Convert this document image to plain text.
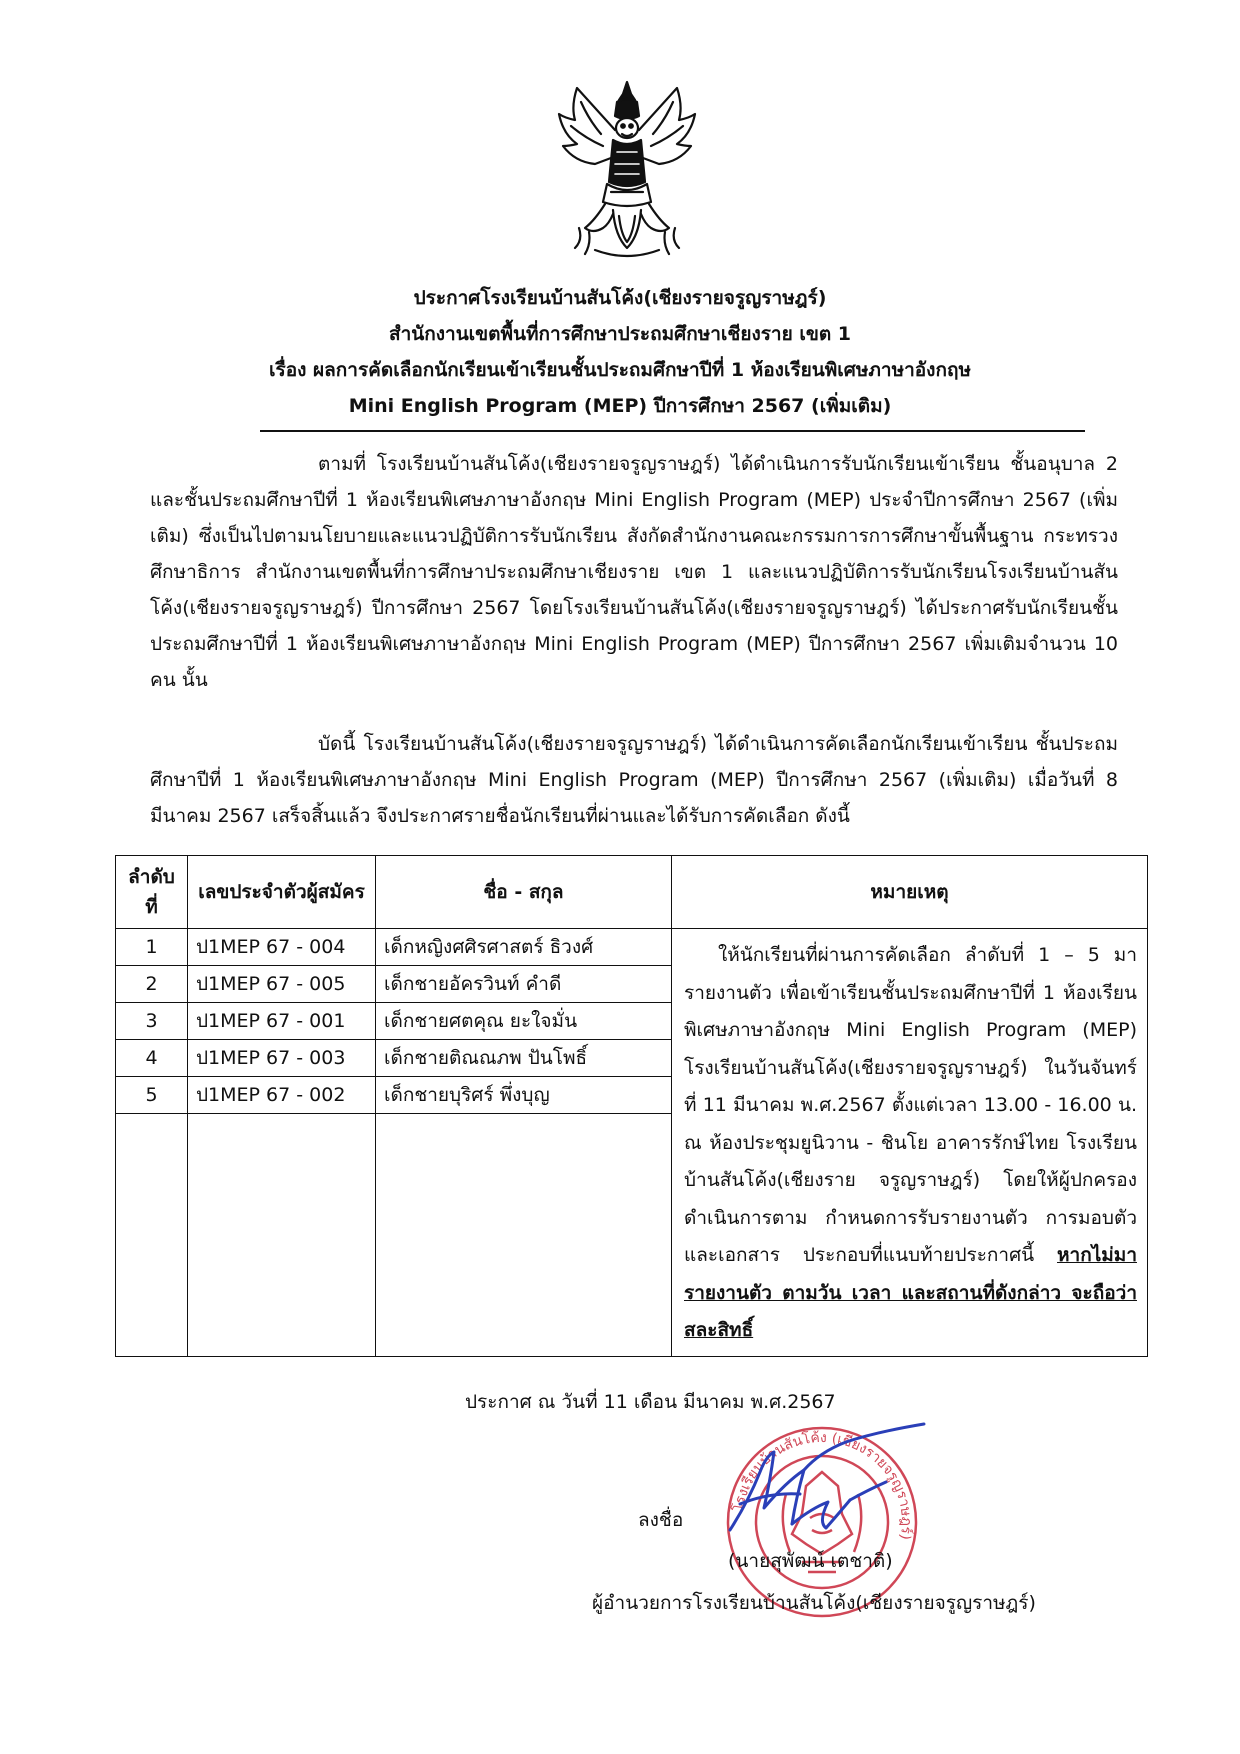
ประกาศโรงเรียนบ้านสันโค้ง(เชียงรายจรูญราษฎร์)
สำนักงานเขตพื้นที่การศึกษาประถมศึกษาเชียงราย เขต 1
เรื่อง ผลการคัดเลือกนักเรียนเข้าเรียนชั้นประถมศึกษาปีที่ 1 ห้องเรียนพิเศษภาษาอังกฤษ
Mini English Program (MEP) ปีการศึกษา 2567 (เพิ่มเติม)

ตามที่ โรงเรียนบ้านสันโค้ง(เชียงรายจรูญราษฎร์) ได้ดำเนินการรับนักเรียนเข้าเรียน ชั้นอนุบาล 2 และชั้นประถมศึกษาปีที่ 1 ห้องเรียนพิเศษภาษาอังกฤษ Mini English Program (MEP) ประจำปีการศึกษา 2567 (เพิ่มเติม) ซึ่งเป็นไปตามนโยบายและแนวปฏิบัติการรับนักเรียน สังกัดสำนักงานคณะกรรมการการศึกษาขั้นพื้นฐาน กระทรวงศึกษาธิการ สำนักงานเขตพื้นที่การศึกษาประถมศึกษาเชียงราย เขต 1 และแนวปฏิบัติการรับนักเรียนโรงเรียนบ้านสันโค้ง(เชียงรายจรูญราษฎร์) ปีการศึกษา 2567 โดยโรงเรียนบ้านสันโค้ง(เชียงรายจรูญราษฎร์) ได้ประกาศรับนักเรียนชั้นประถมศึกษาปีที่ 1 ห้องเรียนพิเศษภาษาอังกฤษ Mini English Program (MEP) ปีการศึกษา 2567 เพิ่มเติมจำนวน 10 คน นั้น

บัดนี้ โรงเรียนบ้านสันโค้ง(เชียงรายจรูญราษฎร์) ได้ดำเนินการคัดเลือกนักเรียนเข้าเรียน ชั้นประถมศึกษาปีที่ 1 ห้องเรียนพิเศษภาษาอังกฤษ Mini English Program (MEP) ปีการศึกษา 2567 (เพิ่มเติม) เมื่อวันที่ 8 มีนาคม 2567 เสร็จสิ้นแล้ว จึงประกาศรายชื่อนักเรียนที่ผ่านและได้รับการคัดเลือก ดังนี้

ลำดับที่	เลขประจำตัวผู้สมัคร	ชื่อ - สกุล	หมายเหตุ
1	ป1MEP 67 - 004	เด็กหญิงศศิรศาสตร์ ธิวงศ์	ให้นักเรียนที่ผ่านการคัดเลือก ลำดับที่ 1 – 5 มารายงานตัว เพื่อเข้าเรียนชั้นประถมศึกษาปีที่ 1 ห้องเรียนพิเศษภาษาอังกฤษ Mini English Program (MEP) โรงเรียนบ้านสันโค้ง(เชียงรายจรูญราษฎร์) ในวันจันทร์ ที่ 11 มีนาคม พ.ศ.2567 ตั้งแต่เวลา 13.00 - 16.00 น. ณ ห้องประชุมยูนิวาน - ชินโย อาคารรักษ์ไทย โรงเรียนบ้านสันโค้ง(เชียงราย จรูญราษฎร์) โดยให้ผู้ปกครองดำเนินการตาม กำหนดการรับรายงานตัว การมอบตัว และเอกสาร ประกอบที่แนบท้ายประกาศนี้ หากไม่มารายงานตัว ตามวัน เวลา และสถานที่ดังกล่าว จะถือว่าสละสิทธิ์
2	ป1MEP 67 - 005	เด็กชายอัครวินท์ คำดี	
3	ป1MEP 67 - 001	เด็กชายศตคุณ ยะใจมั่น	
4	ป1MEP 67 - 003	เด็กชายติณณภพ ปันโพธิ์	
5	ป1MEP 67 - 002	เด็กชายบุริศร์ พึ่งบุญ	

ประกาศ ณ วันที่ 11 เดือน มีนาคม พ.ศ.2567
โรงเรียนบ้านสันโค้ง (เชียงรายจรูญราษฎร์)
ลงชื่อ
(นายสุพัฒน์ เตชาติ)
ผู้อำนวยการโรงเรียนบ้านสันโค้ง(เชียงรายจรูญราษฎร์)
